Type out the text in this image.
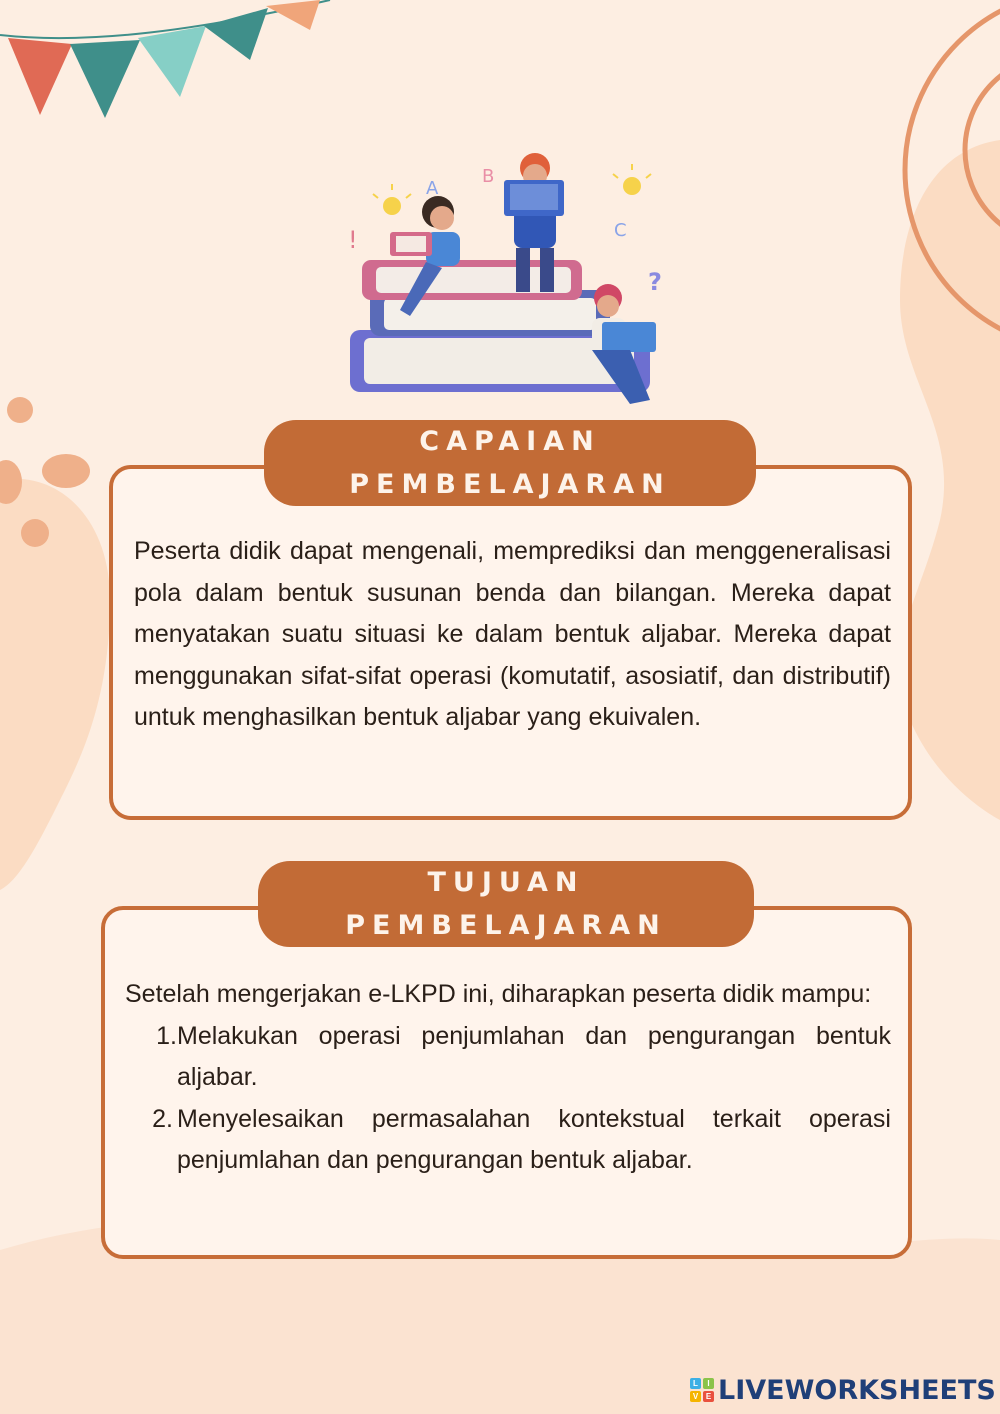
A
B
C
!
?
CAPAIAN
PEMBELAJARAN
Peserta didik dapat mengenali, memprediksi dan menggeneralisasi pola dalam bentuk susunan benda dan bilangan. Mereka dapat menyatakan suatu situasi ke dalam bentuk aljabar. Mereka dapat menggunakan sifat-sifat operasi (komutatif, asosiatif, dan distributif) untuk menghasilkan bentuk aljabar yang ekuivalen.
TUJUAN
PEMBELAJARAN
Setelah mengerjakan e-LKPD ini, diharapkan peserta didik mampu:
1. Melakukan operasi penjumlahan dan pengurangan bentuk aljabar.
2. Menyelesaikan permasalahan kontekstual terkait operasi penjumlahan dan pengurangan bentuk aljabar.
L	I
V E LIVEWORKSHEETS
